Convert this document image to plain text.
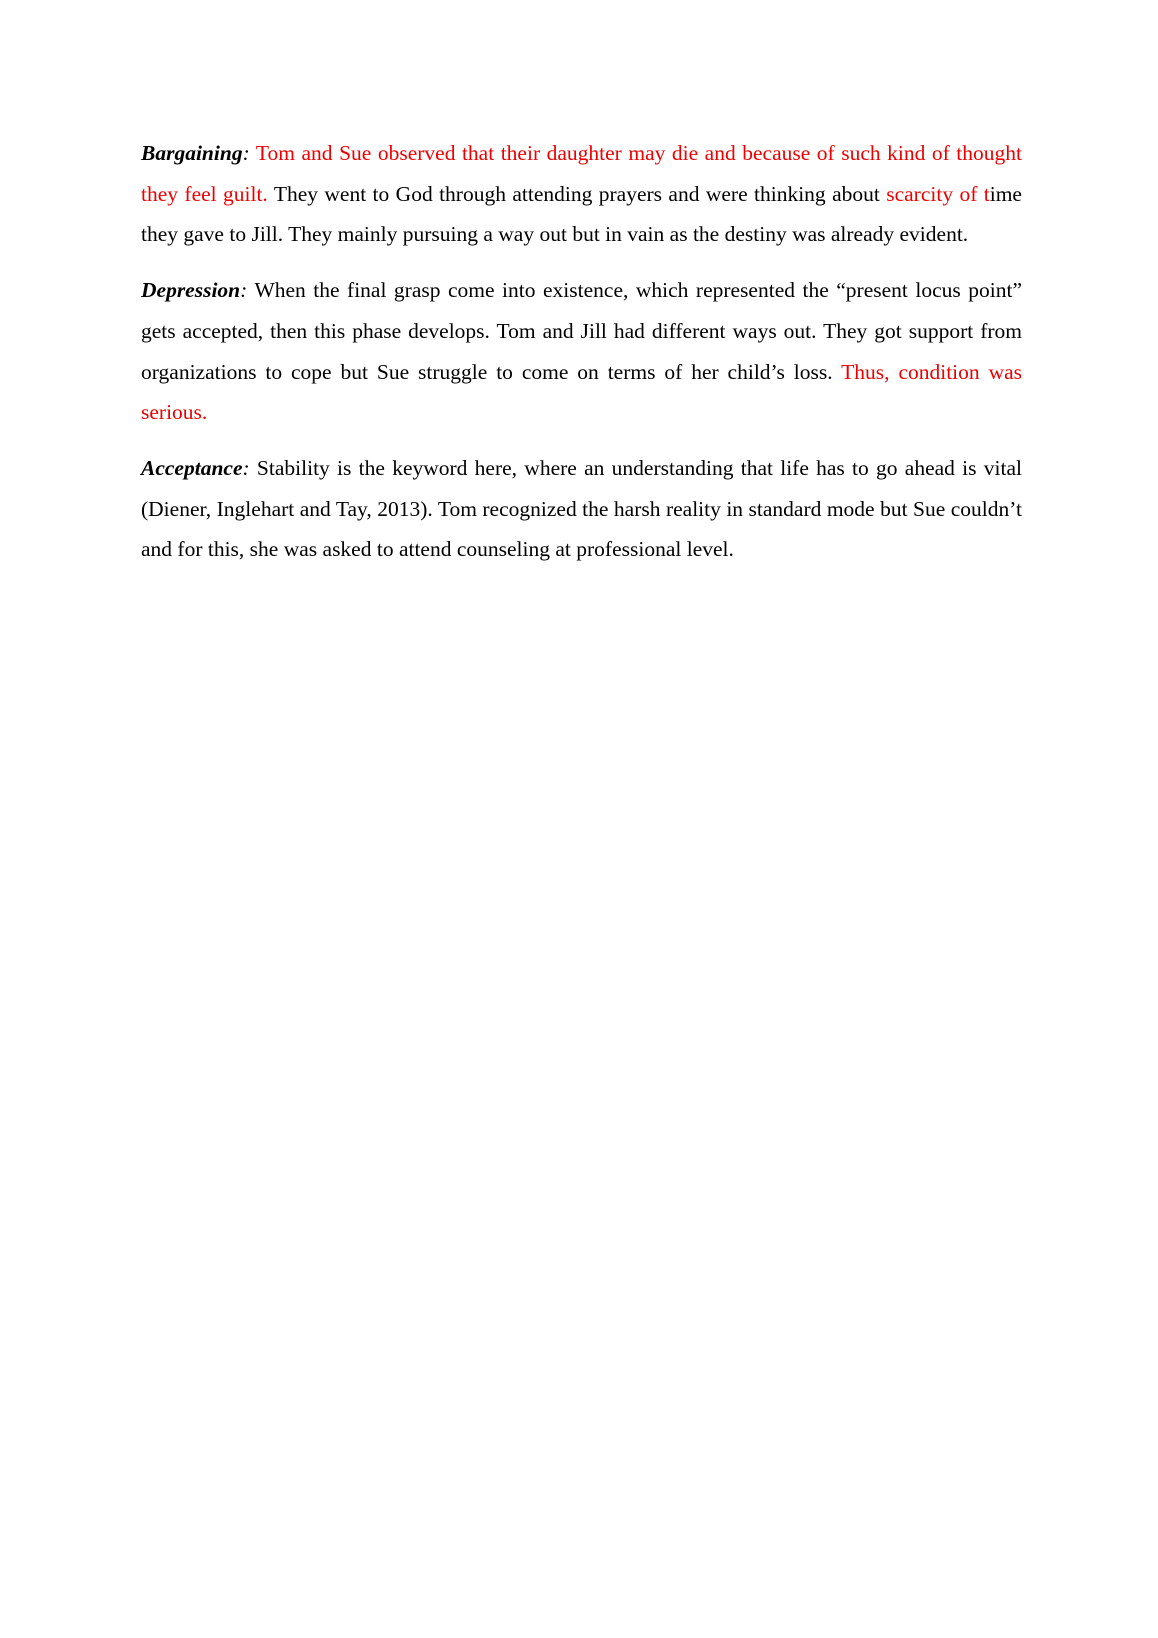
Bargaining: Tom and Sue observed that their daughter may die and because of such kind of thought they feel guilt. They went to God through attending prayers and were thinking about scarcity of time they gave to Jill. They mainly pursuing a way out but in vain as the destiny was already evident.

Depression: When the final grasp come into existence, which represented the “present locus point” gets accepted, then this phase develops. Tom and Jill had different ways out. They got support from organizations to cope but Sue struggle to come on terms of her child’s loss. Thus, condition was serious.

Acceptance: Stability is the keyword here, where an understanding that life has to go ahead is vital (Diener, Inglehart and Tay, 2013). Tom recognized the harsh reality in standard mode but Sue couldn’t and for this, she was asked to attend counseling at professional level.
